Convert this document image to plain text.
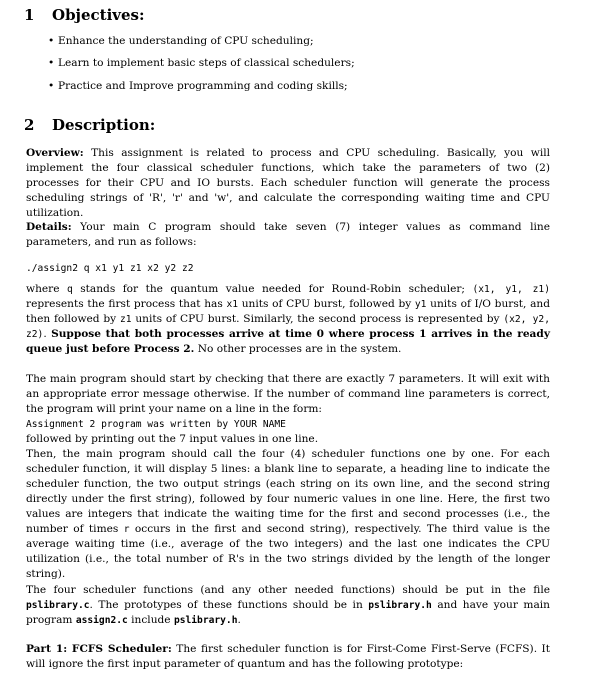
1 Objectives:
• Enhance the understanding of CPU scheduling;
• Learn to implement basic steps of classical schedulers;
• Practice and Improve programming and coding skills;
2 Description:
Overview: This assignment is related to process and CPU scheduling. Basically, you will implement the four classical scheduler functions, which take the parameters of two (2) processes for their CPU and IO bursts. Each scheduler function will generate the process scheduling strings of 'R', 'r' and 'w', and calculate the corresponding waiting time and CPU utilization.
Details: Your main C program should take seven (7) integer values as command line parameters, and run as follows:
./assign2 q x1 y1 z1 x2 y2 z2
where q stands for the quantum value needed for Round-Robin scheduler; (x1, y1, z1) represents the first process that has x1 units of CPU burst, followed by y1 units of I/O burst, and then followed by z1 units of CPU burst. Similarly, the second process is represented by (x2, y2, z2). Suppose that both processes arrive at time 0 where process 1 arrives in the ready queue just before Process 2. No other processes are in the system.
The main program should start by checking that there are exactly 7 parameters. It will exit with an appropriate error message otherwise. If the number of command line parameters is correct, the program will print your name on a line in the form:
Assignment 2 program was written by YOUR NAME
followed by printing out the 7 input values in one line.
Then, the main program should call the four (4) scheduler functions one by one. For each scheduler function, it will display 5 lines: a blank line to separate, a heading line to indicate the scheduler function, the two output strings (each string on its own line, and the second string directly under the first string), followed by four numeric values in one line. Here, the first two values are integers that indicate the waiting time for the first and second processes (i.e., the number of times r occurs in the first and second string), respectively. The third value is the average waiting time (i.e., average of the two integers) and the last one indicates the CPU utilization (i.e., the total number of R's in the two strings divided by the length of the longer string).
The four scheduler functions (and any other needed functions) should be put in the file pslibrary.c. The prototypes of these functions should be in pslibrary.h and have your main program assign2.c include pslibrary.h.
Part 1: FCFS Scheduler: The first scheduler function is for First-Come First-Serve (FCFS). It will ignore the first input parameter of quantum and has the following prototype:
